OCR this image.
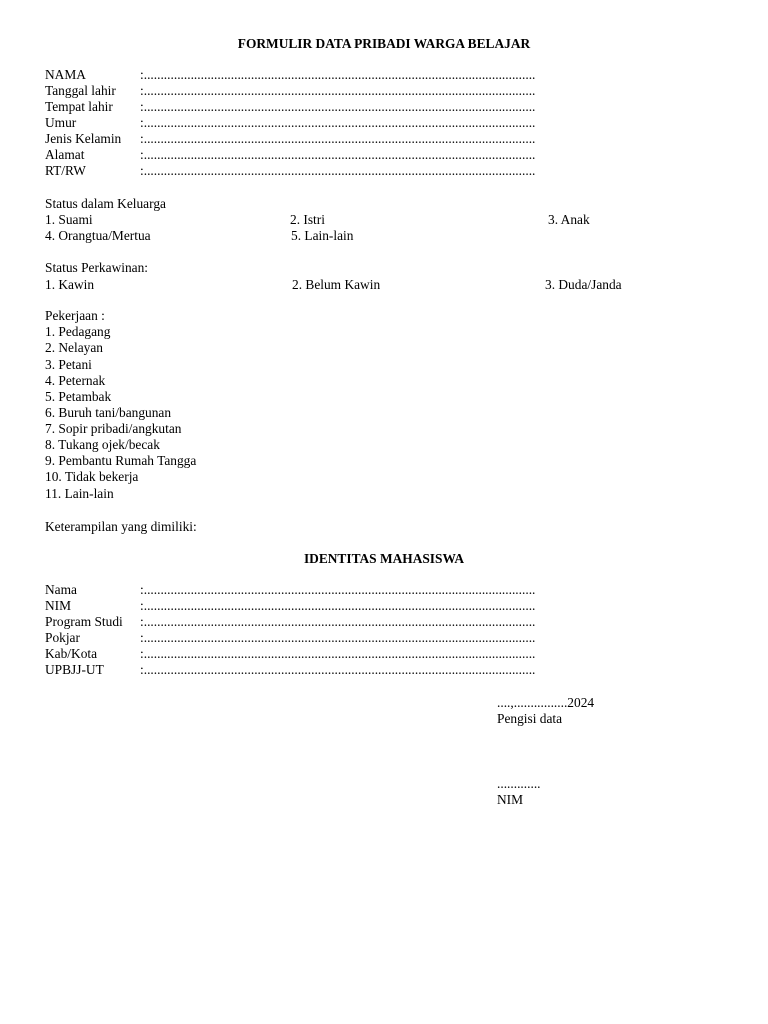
FORMULIR DATA PRIBADI WARGA BELAJAR
NAMA	:.....................................................................................................................
Tanggal lahir :.....................................................................................................................
Tempat lahir :.....................................................................................................................
Umur	:.....................................................................................................................
Jenis Kelamin :.....................................................................................................................
Alamat	:.....................................................................................................................
RT/RW	:.....................................................................................................................
Status dalam Keluarga
1. Suami	2. Istri	3. Anak
4. Orangtua/Mertua	5. Lain-lain
Status Perkawinan:
1. Kawin	2. Belum Kawin	3. Duda/Janda
Pekerjaan :
1. Pedagang
2. Nelayan
3. Petani
4. Peternak
5. Petambak
6. Buruh tani/bangunan
7. Sopir pribadi/angkutan
8. Tukang ojek/becak
9. Pembantu Rumah Tangga
10. Tidak bekerja
11. Lain-lain
Keterampilan yang dimiliki:
IDENTITAS MAHASISWA
Nama	:.....................................................................................................................
NIM	:.....................................................................................................................
Program Studi :.....................................................................................................................
Pokjar	:.....................................................................................................................
Kab/Kota	:.....................................................................................................................
UPBJJ-UT	:.....................................................................................................................
....,................2024
Pengisi data
.............
NIM
